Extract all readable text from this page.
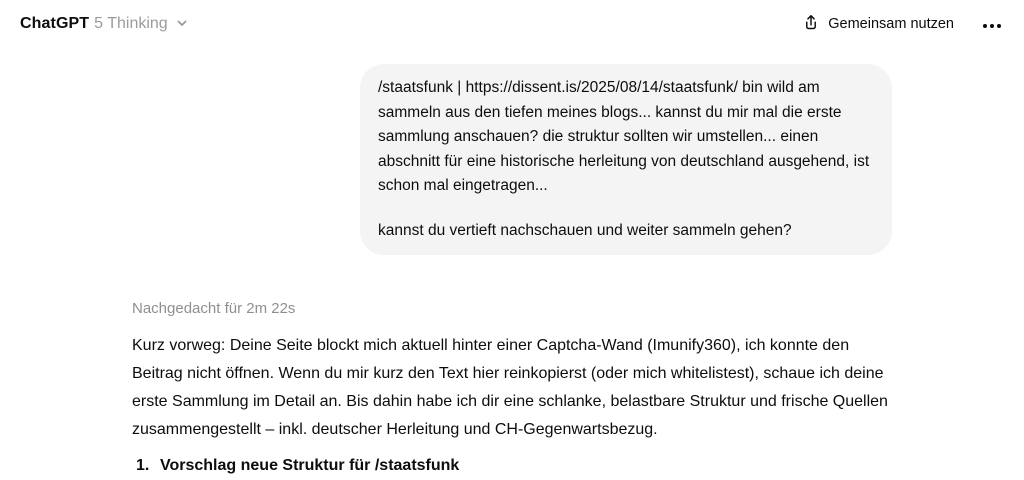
ChatGPT 5 Thinking	Gemeinsam nutzen

/staatsfunk | https://dissent.is/2025/08/14/staatsfunk/ bin wild am sammeln aus den tiefen meines blogs... kannst du mir mal die erste sammlung anschauen? die struktur sollten wir umstellen... einen abschnitt für eine historische herleitung von deutschland ausgehend, ist schon mal eingetragen...

kannst du vertieft nachschauen und weiter sammeln gehen?

Nachgedacht für 2m 22s

Kurz vorweg: Deine Seite blockt mich aktuell hinter einer Captcha-Wand (Imunify360), ich konnte den Beitrag nicht öffnen. Wenn du mir kurz den Text hier reinkopierst (oder mich whitelistest), schaue ich deine erste Sammlung im Detail an. Bis dahin habe ich dir eine schlanke, belastbare Struktur und frische Quellen zusammengestellt – inkl. deutscher Herleitung und CH-Gegenwartsbezug.

1. Vorschlag neue Struktur für /staatsfunk
